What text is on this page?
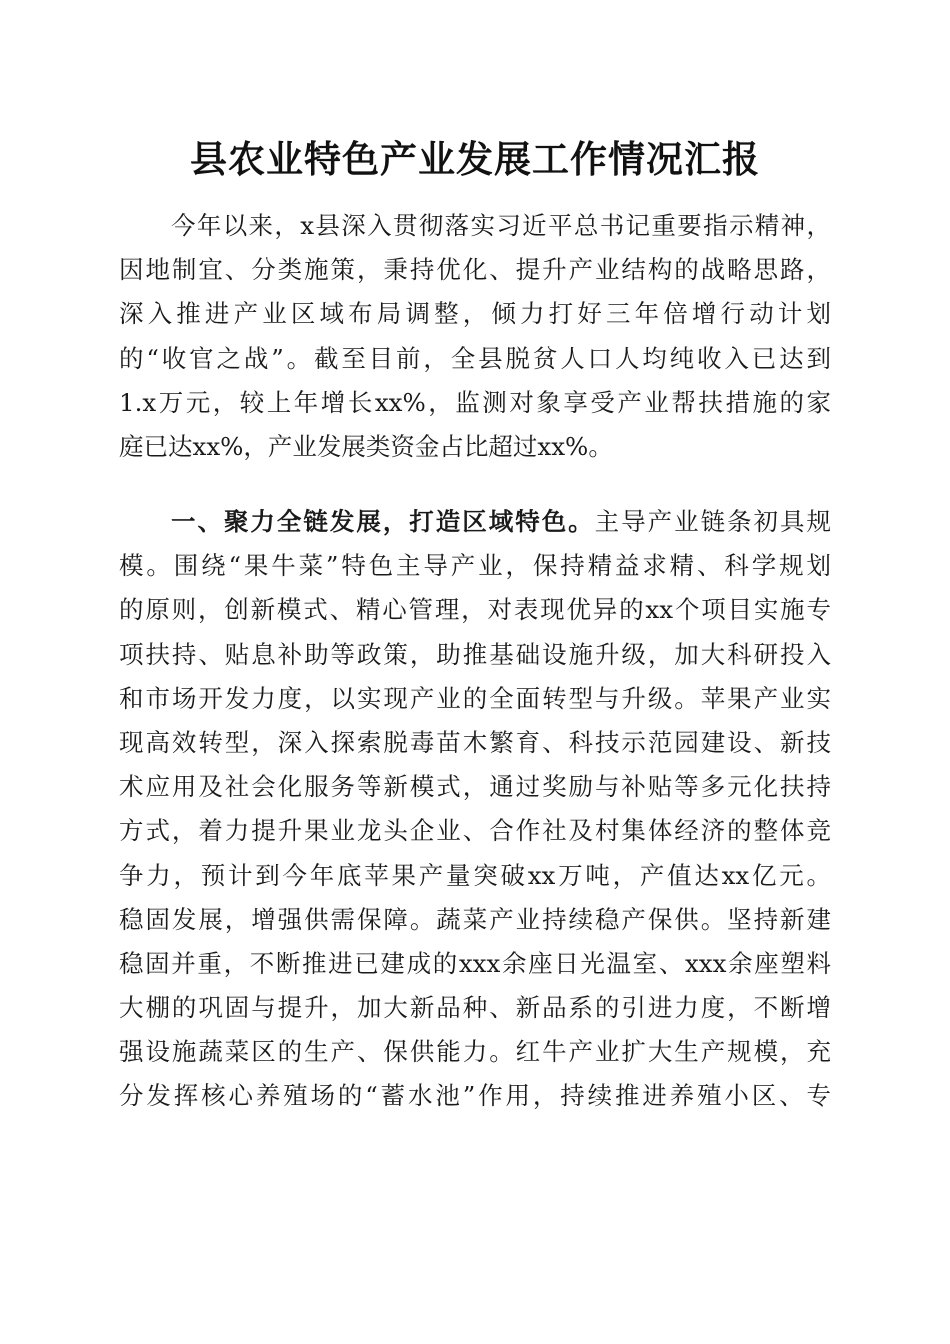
县农业特色产业发展工作情况汇报
今年以来，x县深入贯彻落实习近平总书记重要指示精神，
因地制宜、分类施策，秉持优化、提升产业结构的战略思路，
深入推进产业区域布局调整，倾力打好三年倍增行动计划
的“收官之战”。截至目前，全县脱贫人口人均纯收入已达到
1.x万元，较上年增长xx%，监测对象享受产业帮扶措施的家
庭已达xx%，产业发展类资金占比超过xx%。
一、聚力全链发展，打造区域特色。主导产业链条初具规
模。围绕“果牛菜”特色主导产业，保持精益求精、科学规划
的原则，创新模式、精心管理，对表现优异的xx个项目实施专
项扶持、贴息补助等政策，助推基础设施升级，加大科研投入
和市场开发力度，以实现产业的全面转型与升级。苹果产业实
现高效转型，深入探索脱毒苗木繁育、科技示范园建设、新技
术应用及社会化服务等新模式，通过奖励与补贴等多元化扶持
方式，着力提升果业龙头企业、合作社及村集体经济的整体竞
争力，预计到今年底苹果产量突破xx万吨，产值达xx亿元。
稳固发展，增强供需保障。蔬菜产业持续稳产保供。坚持新建
稳固并重，不断推进已建成的xxx余座日光温室、xxx余座塑料
大棚的巩固与提升，加大新品种、新品系的引进力度，不断增
强设施蔬菜区的生产、保供能力。红牛产业扩大生产规模，充
分发挥核心养殖场的“蓄水池”作用，持续推进养殖小区、专
